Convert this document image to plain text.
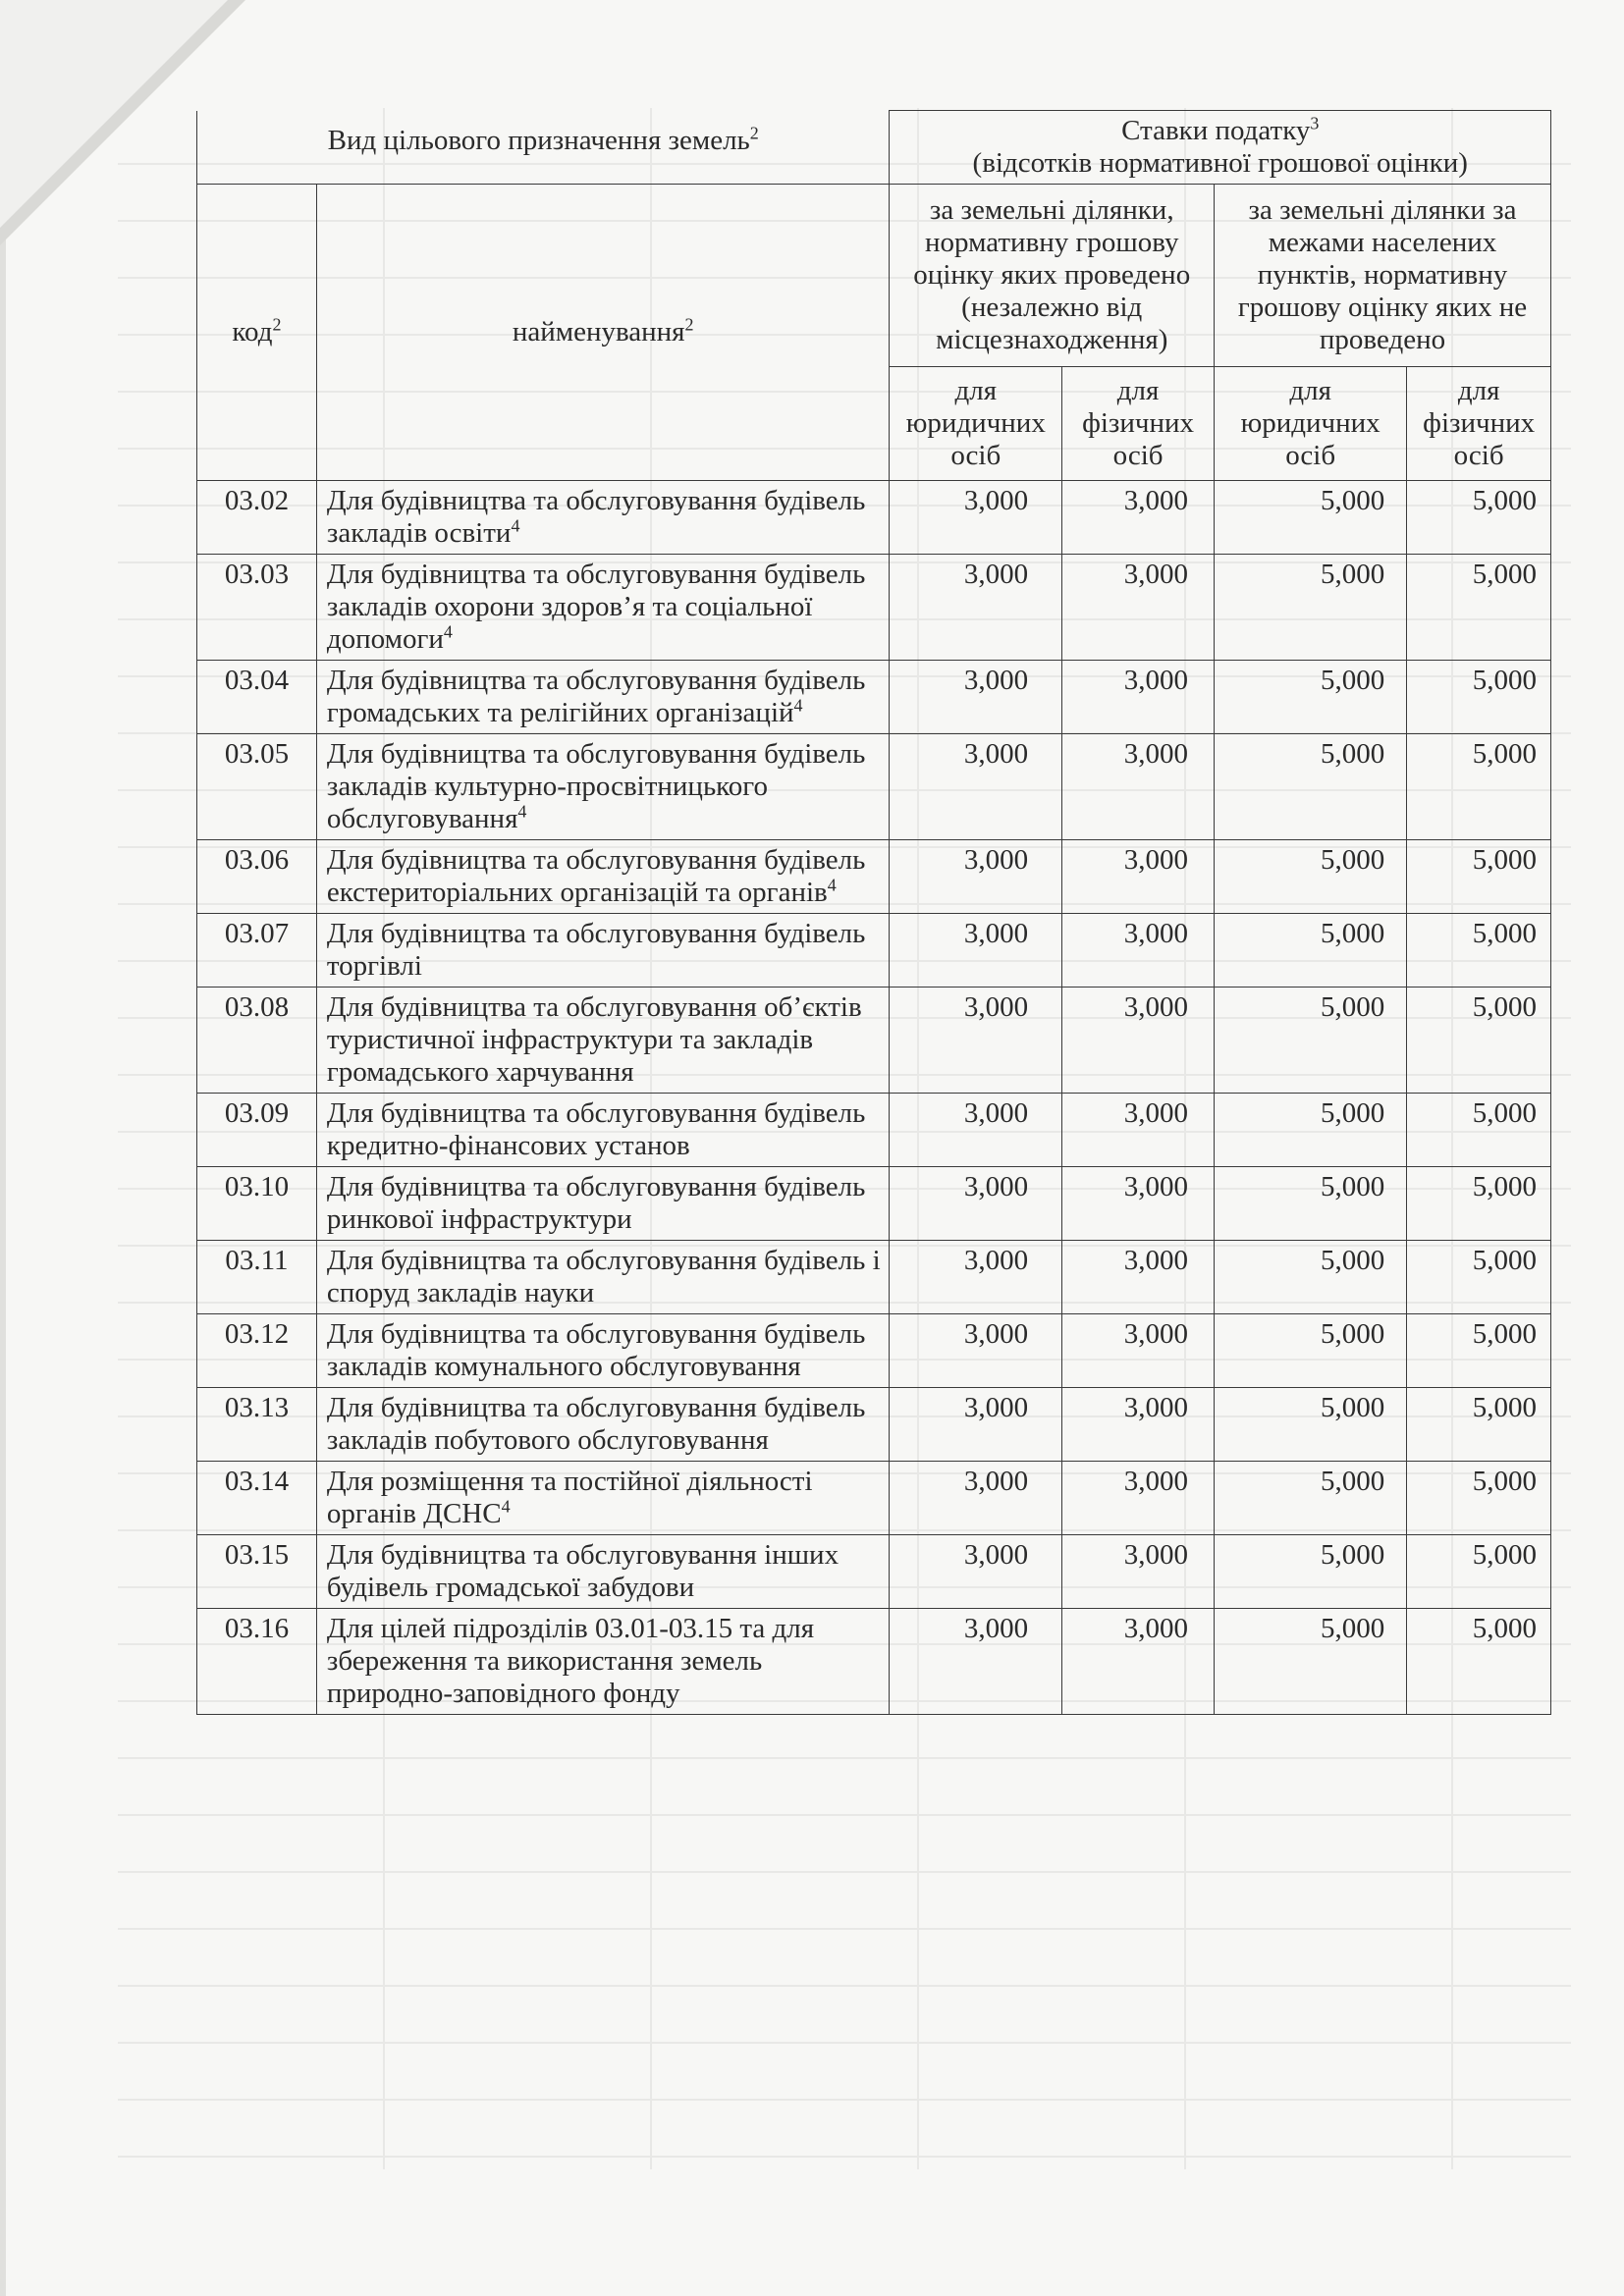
Вид цільового призначення земель$^2$		Ставки податку$^3$
(відсотків нормативної грошової оцінки)			

код$^2$	найменування$^2$	за земельні ділянки, нормативну грошову оцінку яких проведено (незалежно від місцезнаходження)		за земельні ділянки за межами населених пунктів, нормативну грошову оцінку яких не проведено	
		для юридичних осіб	для фізичних осіб	для юридичних осіб	для фізичних осіб
03.02	Для будівництва та обслуговування будівель закладів освіти$^4$	3,000	3,000	5,000	5,000
03.03	Для будівництва та обслуговування будівель закладів охорони здоров’я та соціальної допомоги$^4$	3,000	3,000	5,000	5,000
03.04	Для будівництва та обслуговування будівель громадських та релігійних організацій$^4$	3,000	3,000	5,000	5,000
03.05	Для будівництва та обслуговування будівель закладів культурно-просвітницького обслуговування$^4$	3,000	3,000	5,000	5,000
03.06	Для будівництва та обслуговування будівель екстериторіальних організацій та органів$^4$	3,000	3,000	5,000	5,000
03.07	Для будівництва та обслуговування будівель торгівлі	3,000	3,000	5,000	5,000
03.08	Для будівництва та обслуговування об’єктів туристичної інфраструктури та закладів громадського харчування	3,000	3,000	5,000	5,000
03.09	Для будівництва та обслуговування будівель кредитно-фінансових установ	3,000	3,000	5,000	5,000
03.10	Для будівництва та обслуговування будівель ринкової інфраструктури	3,000	3,000	5,000	5,000
03.11	Для будівництва та обслуговування будівель і споруд закладів науки	3,000	3,000	5,000	5,000
03.12	Для будівництва та обслуговування будівель закладів комунального обслуговування	3,000	3,000	5,000	5,000
03.13	Для будівництва та обслуговування будівель закладів побутового обслуговування	3,000	3,000	5,000	5,000
03.14	Для розміщення та постійної діяльності органів ДСНС$^4$	3,000	3,000	5,000	5,000
03.15	Для будівництва та обслуговування інших будівель громадської забудови	3,000	3,000	5,000	5,000
03.16	Для цілей підрозділів 03.01-03.15 та для збереження та використання земель природно-заповідного фонду	3,000	3,000	5,000	5,000
